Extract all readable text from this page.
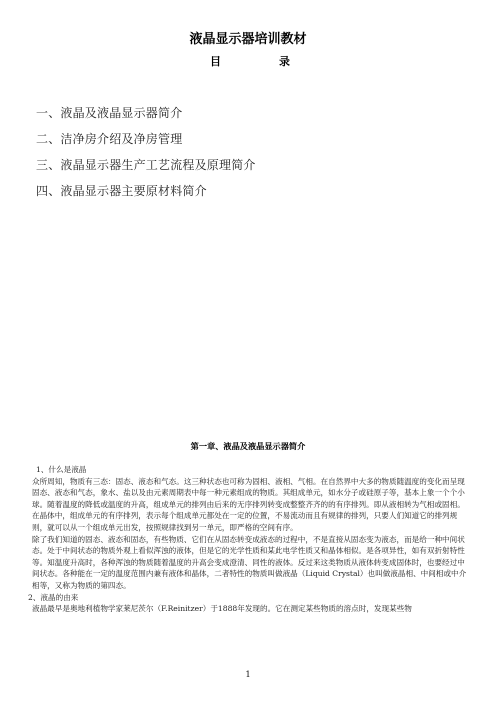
液晶显示器培训教材
目	录
一、液晶及液晶显示器简介
二、洁净房介绍及净房管理
三、液晶显示器生产工艺流程及原理简介
四、液晶显示器主要原材料简介
第一章、液晶及液晶显示器简介
1、什么是液晶
众所周知，物质有三态：固态、液态和气态。这三种状态也可称为固相、液相、气相。在自然界中大多的物质随温度的变化而呈现固态、液态和气态，象水、盐以及由元素周期表中每一种元素组成的物质。其组成单元，如水分子或硅原子等，基本上象一个个小球。随着温度的降低或温度的升高，组成单元的排列由后来的无序排列转变成整整齐齐的的有序排列。即从液相转为气相或固相。在晶体中，组成单元的有序排列，表示每个组成单元都处在一定的位置，不易流动而且有规律的排列，只要人们知道它的排列规则，就可以从一个组成单元出发，按照规律找到另一单元，即严格的空间有序。
除了我们知道的固态、液态和固态，有些物质、它们在从固态转变成液态的过程中，不是直接从固态变为液态，而是给一种中间状态。处于中间状态的物质外观上看似浑浊的液体，但是它的光学性质和某此电学性质又和晶体相似。是各项异性，如有双折射特性等。知温度升高时，各种浑浊的物质随着温度的升高会变成澄清、同性的液体。反过来这类物质从液体转变成固体时，也要经过中间状态。各种能在一定的温度范围内兼有液体和晶体，二者特性的物质叫做液晶（Liquid Crystal）也叫做液晶相、中间相或中介相等，又称为物质的第四态。
2、液晶的由来
液晶最早是奥地利植物学家莱尼茨尔（F.Reinitzer）于1888年发现的。它在测定某些物质的溶点时，发现某些物
1
